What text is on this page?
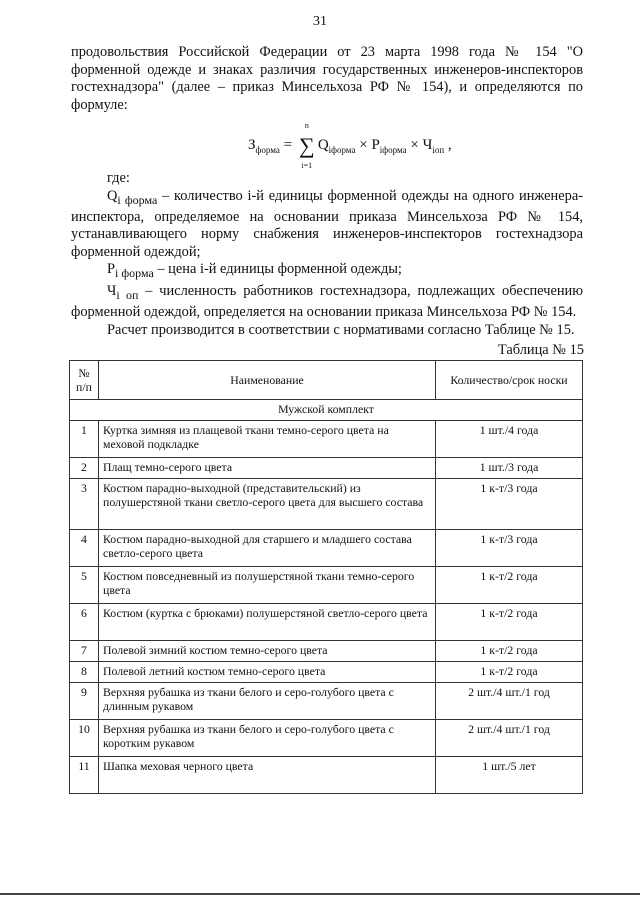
31

продовольствия Российской Федерации от 23 марта 1998 года № 154 "О форменной одежде и знаках различия государственных инженеров-инспекторов гостехнадзора" (далее – приказ Минсельхоза РФ № 154), и определяются по формуле:

$З_{форма}$ = ∑
n
i=1
$Q_{iформа} \times P_{iформа} \times Ч_{iоп}$ ,

где:

$Q_{i форма}$ – количество i-й единицы форменной одежды на одного инженера-инспектора, определяемое на основании приказа Минсельхоза РФ № 154, устанавливающего норму снабжения инженеров-инспекторов гостехнадзора форменной одеждой;

$P_{i форма}$ – цена i-й единицы форменной одежды;

$Ч_{i оп}$ – численность работников гостехнадзора, подлежащих обеспечению форменной одеждой, определяется на основании приказа Минсельхоза РФ № 154.

Расчет производится в соответствии с нормативами согласно Таблице № 15.

Таблица № 15
№ п/п	Наименование	Количество/срок носки
Мужской комплект		
1	Куртка зимняя из плащевой ткани темно-серого цвета на меховой подкладке	1 шт./4 года
2	Плащ темно-серого цвета	1 шт./3 года
3	Костюм парадно-выходной (представительский) из полушерстяной ткани светло-серого цвета для высшего состава	1 к-т/3 года
4	Костюм парадно-выходной для старшего и младшего состава светло-серого цвета	1 к-т/3 года
5	Костюм повседневный из полушерстяной ткани темно-серого цвета	1 к-т/2 года
6	Костюм (куртка с брюками) полушерстяной светло-серого цвета	1 к-т/2 года
7	Полевой зимний костюм темно-серого цвета	1 к-т/2 года
8	Полевой летний костюм темно-серого цвета	1 к-т/2 года
9	Верхняя рубашка из ткани белого и серо-голубого цвета с длинным рукавом	2 шт./4 шт./1 год
10	Верхняя рубашка из ткани белого и серо-голубого цвета с коротким рукавом	2 шт./4 шт./1 год
11	Шапка меховая черного цвета	1 шт./5 лет
